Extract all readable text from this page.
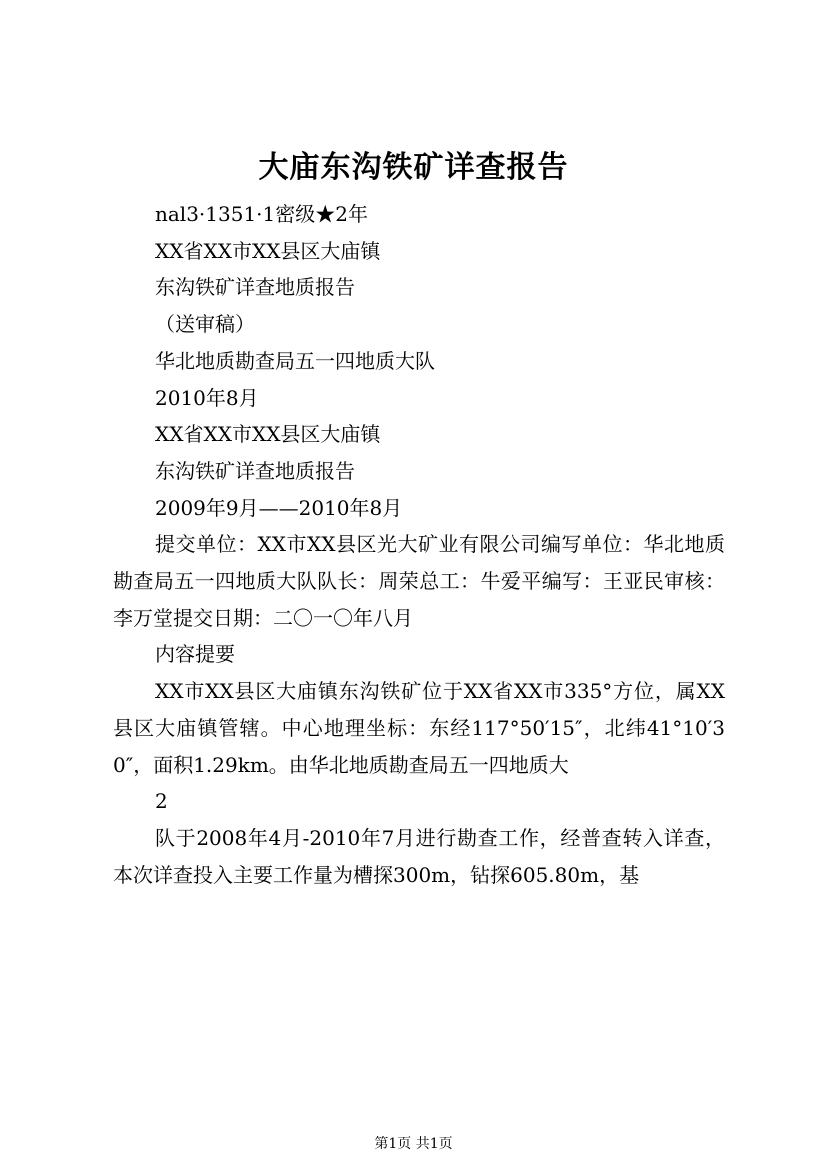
大庙东沟铁矿详查报告

nal3·1351·1密级★2年

XX省XX市XX县区大庙镇

东沟铁矿详查地质报告

（送审稿）

华北地质勘查局五一四地质大队

2010年8月

XX省XX市XX县区大庙镇

东沟铁矿详查地质报告

2009年9月——2010年8月

提交单位：XX市XX县区光大矿业有限公司编写单位：华北地质勘查局五一四地质大队队长：周荣总工：牛爱平编写：王亚民审核：李万堂提交日期：二〇一〇年八月

内容提要

XX市XX县区大庙镇东沟铁矿位于XX省XX市335°方位，属XX县区大庙镇管辖。中心地理坐标：东经117°50′15″，北纬41°10′30″，面积1.29km。由华北地质勘查局五一四地质大

2

队于2008年4月-2010年7月进行勘查工作，经普查转入详查，本次详查投入主要工作量为槽探300m，钻探605.80m，基

第1页 共1页
